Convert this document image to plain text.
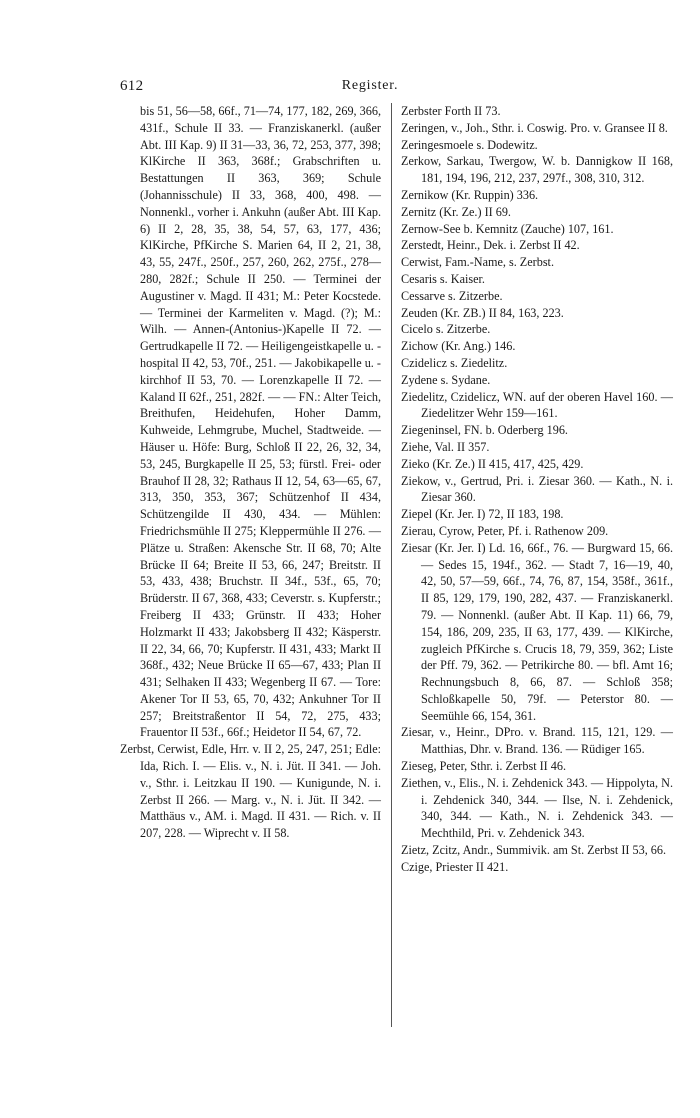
612	Register.

bis 51, 56—58, 66f., 71—74, 177, 182, 269, 366, 431f., Schule II 33. — Franziskanerkl. (außer Abt. III Kap. 9) II 31—33, 36, 72, 253, 377, 398; KlKirche II 363, 368f.; Grabschriften u. Bestattungen II 363, 369; Schule (Johannisschule) II 33, 368, 400, 498. — Nonnenkl., vorher i. Ankuhn (außer Abt. III Kap. 6) II 2, 28, 35, 38, 54, 57, 63, 177, 436; KlKirche, PfKirche S. Marien 64, II 2, 21, 38, 43, 55, 247f., 250f., 257, 260, 262, 275f., 278—280, 282f.; Schule II 250. — Terminei der Augustiner v. Magd. II 431; M.: Peter Kocstede. — Terminei der Karmeliten v. Magd. (?); M.: Wilh. — Annen-(Antonius-)Kapelle II 72. — Gertrudkapelle II 72. — Heiligengeistkapelle u. -hospital II 42, 53, 70f., 251. — Jakobikapelle u. -kirchhof II 53, 70. — Lorenzkapelle II 72. — Kaland II 62f., 251, 282f. — — FN.: Alter Teich, Breithufen, Heidehufen, Hoher Damm, Kuhweide, Lehmgrube, Muchel, Stadtweide. — Häuser u. Höfe: Burg, Schloß II 22, 26, 32, 34, 53, 245, Burgkapelle II 25, 53; fürstl. Frei- oder Brauhof II 28, 32; Rathaus II 12, 54, 63—65, 67, 313, 350, 353, 367; Schützenhof II 434, Schützengilde II 430, 434. — Mühlen: Friedrichsmühle II 275; Kleppermühle II 276. — Plätze u. Straßen: Akensche Str. II 68, 70; Alte Brücke II 64; Breite II 53, 66, 247; Breitstr. II 53, 433, 438; Bruchstr. II 34f., 53f., 65, 70; Brüderstr. II 67, 368, 433; Ceverstr. s. Kupferstr.; Freiberg II 433; Grünstr. II 433; Hoher Holzmarkt II 433; Jakobsberg II 432; Käsperstr. II 22, 34, 66, 70; Kupferstr. II 431, 433; Markt II 368f., 432; Neue Brücke II 65—67, 433; Plan II 431; Selhaken II 433; Wegenberg II 67. — Tore: Akener Tor II 53, 65, 70, 432; Ankuhner Tor II 257; Breitstraßentor II 54, 72, 275, 433; Frauentor II 53f., 66f.; Heidetor II 54, 67, 72.

Zerbst, Cerwist, Edle, Hrr. v. II 2, 25, 247, 251; Edle: Ida, Rich. I. — Elis. v., N. i. Jüt. II 341. — Joh. v., Sthr. i. Leitzkau II 190. — Kunigunde, N. i. Zerbst II 266. — Marg. v., N. i. Jüt. II 342. — Matthäus v., AM. i. Magd. II 431. — Rich. v. II 207, 228. — Wiprecht v. II 58.

Zerbster Forth II 73.

Zeringen, v., Joh., Sthr. i. Coswig. Pro. v. Gransee II 8.

Zeringesmoele s. Dodewitz.

Zerkow, Sarkau, Twergow, W. b. Dannigkow II 168, 181, 194, 196, 212, 237, 297f., 308, 310, 312.

Zernikow (Kr. Ruppin) 336.

Zernitz (Kr. Ze.) II 69.

Zernow-See b. Kemnitz (Zauche) 107, 161.

Zerstedt, Heinr., Dek. i. Zerbst II 42.

Cerwist, Fam.-Name, s. Zerbst.

Cesaris s. Kaiser.

Cessarve s. Zitzerbe.

Zeuden (Kr. ZB.) II 84, 163, 223.

Cicelo s. Zitzerbe.

Zichow (Kr. Ang.) 146.

Czidelicz s. Ziedelitz.

Zydene s. Sydane.

Ziedelitz, Czidelicz, WN. auf der oberen Havel 160. — Ziedelitzer Wehr 159—161.

Ziegeninsel, FN. b. Oderberg 196.

Ziehe, Val. II 357.

Zieko (Kr. Ze.) II 415, 417, 425, 429.

Ziekow, v., Gertrud, Pri. i. Ziesar 360. — Kath., N. i. Ziesar 360.

Ziepel (Kr. Jer. I) 72, II 183, 198.

Zierau, Cyrow, Peter, Pf. i. Rathenow 209.

Ziesar (Kr. Jer. I) Ld. 16, 66f., 76. — Burgward 15, 66. — Sedes 15, 194f., 362. — Stadt 7, 16—19, 40, 42, 50, 57—59, 66f., 74, 76, 87, 154, 358f., 361f., II 85, 129, 179, 190, 282, 437. — Franziskanerkl. 79. — Nonnenkl. (außer Abt. II Kap. 11) 66, 79, 154, 186, 209, 235, II 63, 177, 439. — KlKirche, zugleich PfKirche s. Crucis 18, 79, 359, 362; Liste der Pff. 79, 362. — Petrikirche 80. — bfl. Amt 16; Rechnungsbuch 8, 66, 87. — Schloß 358; Schloßkapelle 50, 79f. — Peterstor 80. — Seemühle 66, 154, 361.

Ziesar, v., Heinr., DPro. v. Brand. 115, 121, 129. — Matthias, Dhr. v. Brand. 136. — Rüdiger 165.

Zieseg, Peter, Sthr. i. Zerbst II 46.

Ziethen, v., Elis., N. i. Zehdenick 343. — Hippolyta, N. i. Zehdenick 340, 344. — Ilse, N. i. Zehdenick, 340, 344. — Kath., N. i. Zehdenick 343. — Mechthild, Pri. v. Zehdenick 343.

Zietz, Zcitz, Andr., Summivik. am St. Zerbst II 53, 66.

Czige, Priester II 421.
